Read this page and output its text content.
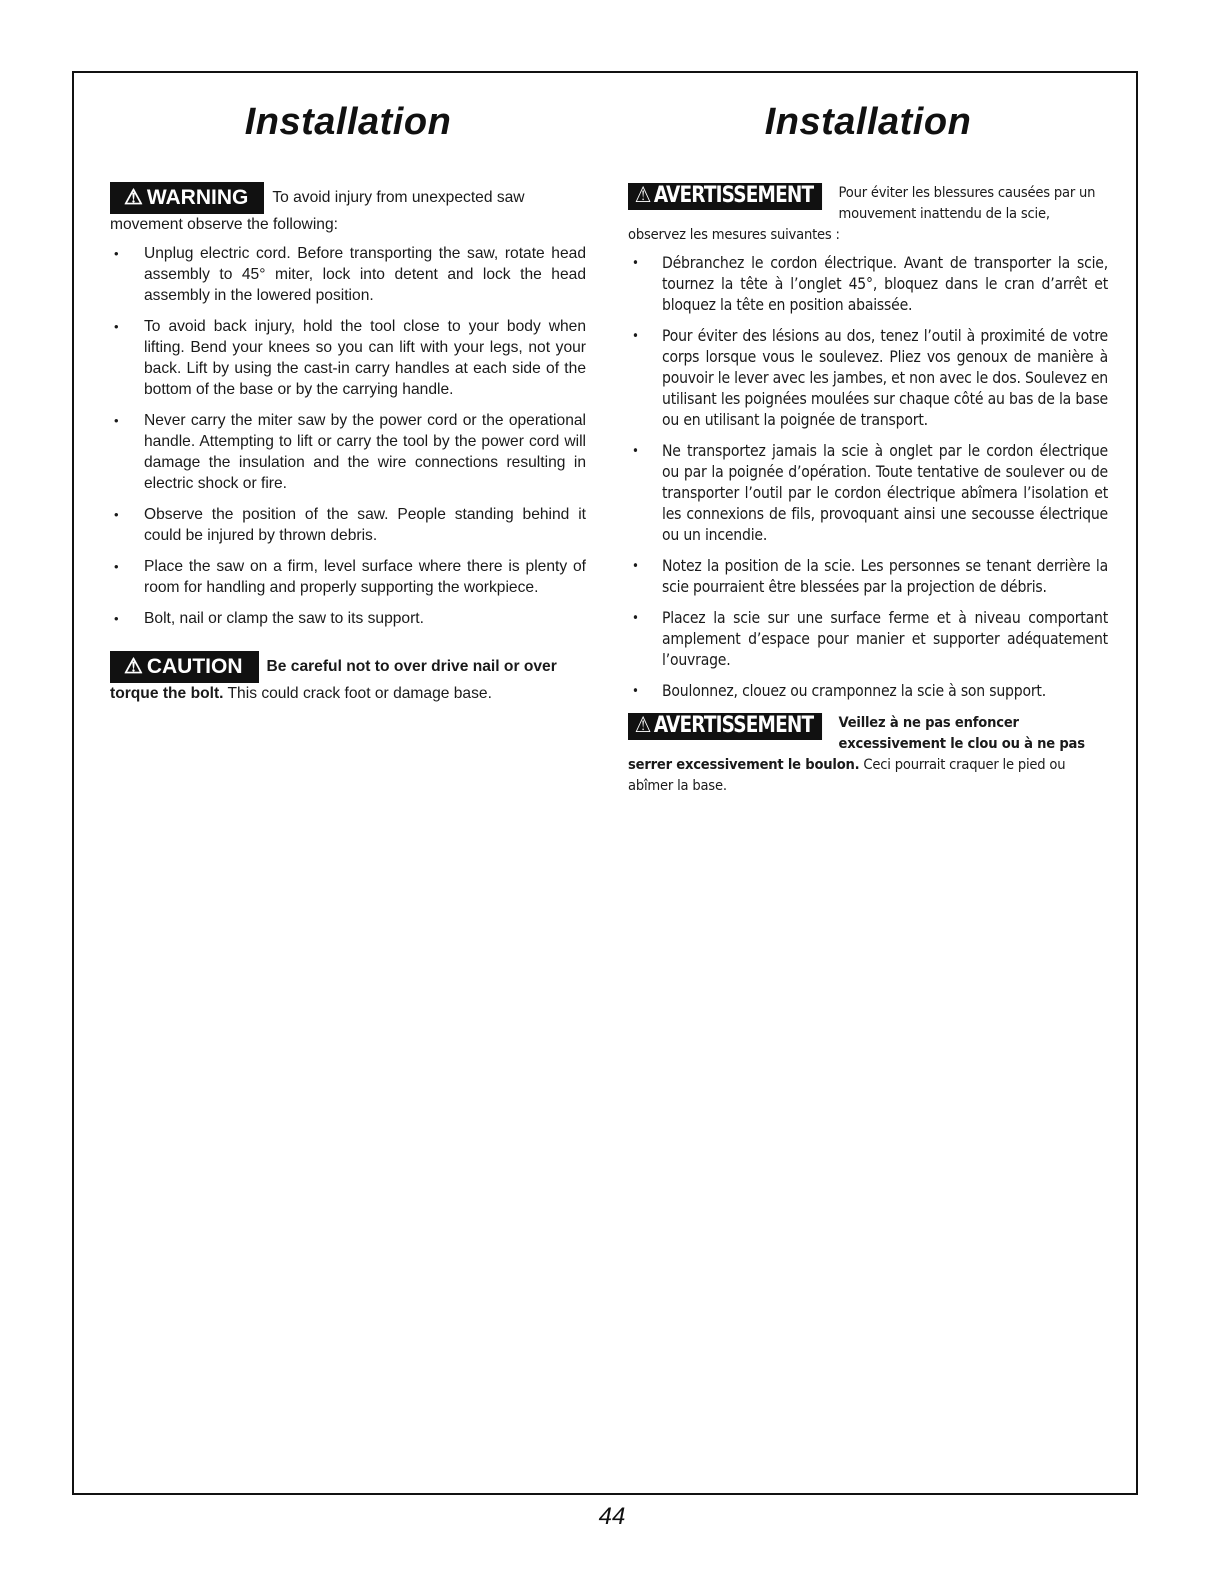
Installation

⚠ WARNING To avoid injury from unexpected saw movement observe the following:

• Unplug electric cord. Before transporting the saw, rotate head assembly to 45° miter, lock into detent and lock the head assembly in the lowered position.
• To avoid back injury, hold the tool close to your body when lifting. Bend your knees so you can lift with your legs, not your back. Lift by using the cast-in carry handles at each side of the bottom of the base or by the carrying handle.
• Never carry the miter saw by the power cord or the operational handle. Attempting to lift or carry the tool by the power cord will damage the insulation and the wire connections resulting in electric shock or fire.
• Observe the position of the saw. People standing behind it could be injured by thrown debris.
• Place the saw on a firm, level surface where there is plenty of room for handling and properly supporting the workpiece.
• Bolt, nail or clamp the saw to its support.

⚠ CAUTION Be careful not to over drive nail or over torque the bolt. This could crack foot or damage base.

Installation

⚠ AVERTISSEMENT	Pour éviter les blessures causées par un mouvement inattendu de la scie, observez les mesures suivantes :

• Débranchez le cordon électrique. Avant de transporter la scie, tournez la tête à l’onglet 45°, bloquez dans le cran d’arrêt et bloquez la tête en position abaissée.
• Pour éviter des lésions au dos, tenez l’outil à proximité de votre corps lorsque vous le soulevez. Pliez vos genoux de manière à pouvoir le lever avec les jambes, et non avec le dos. Soulevez en utilisant les poignées moulées sur chaque côté au bas de la base ou en utilisant la poignée de transport.
• Ne transportez jamais la scie à onglet par le cordon électrique ou par la poignée d’opération. Toute tentative de soulever ou de transporter l’outil par le cordon électrique abîmera l’isolation et les connexions de fils, provoquant ainsi une secousse électrique ou un incendie.
• Notez la position de la scie. Les personnes se tenant derrière la scie pourraient être blessées par la projection de débris.
• Placez la scie sur une surface ferme et à niveau comportant amplement d’espace pour manier et supporter adéquatement l’ouvrage.
• Boulonnez, clouez ou cramponnez la scie à son support.

⚠ AVERTISSEMENT	Veillez à ne pas enfoncer excessivement le clou ou à ne pas serrer excessivement le boulon. Ceci pourrait craquer le pied ou abîmer la base.

44
